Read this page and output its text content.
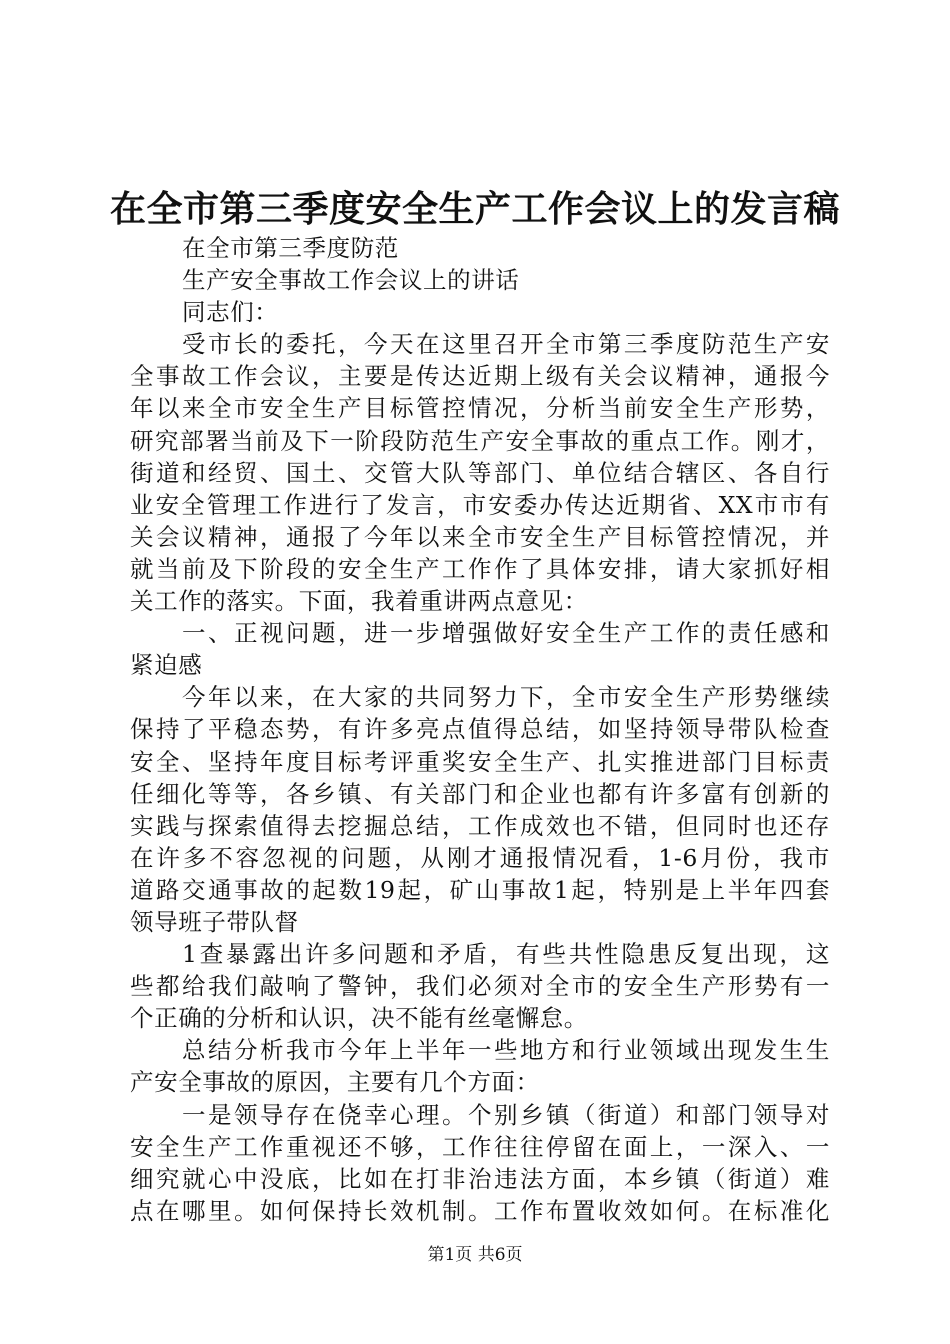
在全市第三季度安全生产工作会议上的发言稿
在全市第三季度防范
生产安全事故工作会议上的讲话
同志们：
受市长的委托，今天在这里召开全市第三季度防范生产安
全事故工作会议，主要是传达近期上级有关会议精神，通报今
年以来全市安全生产目标管控情况，分析当前安全生产形势，
研究部署当前及下一阶段防范生产安全事故的重点工作。刚才，
街道和经贸、国土、交管大队等部门、单位结合辖区、各自行
业安全管理工作进行了发言，市安委办传达近期省、XX市市有
关会议精神，通报了今年以来全市安全生产目标管控情况，并
就当前及下阶段的安全生产工作作了具体安排，请大家抓好相
关工作的落实。下面，我着重讲两点意见：
一、正视问题，进一步增强做好安全生产工作的责任感和
紧迫感
今年以来，在大家的共同努力下，全市安全生产形势继续
保持了平稳态势，有许多亮点值得总结，如坚持领导带队检查
安全、坚持年度目标考评重奖安全生产、扎实推进部门目标责
任细化等等，各乡镇、有关部门和企业也都有许多富有创新的
实践与探索值得去挖掘总结，工作成效也不错，但同时也还存
在许多不容忽视的问题，从刚才通报情况看，1-6月份，我市
道路交通事故的起数19起，矿山事故1起，特别是上半年四套
领导班子带队督
1查暴露出许多问题和矛盾，有些共性隐患反复出现，这
些都给我们敲响了警钟，我们必须对全市的安全生产形势有一
个正确的分析和认识，决不能有丝毫懈怠。
总结分析我市今年上半年一些地方和行业领域出现发生生
产安全事故的原因，主要有几个方面：
一是领导存在侥幸心理。个别乡镇（街道）和部门领导对
安全生产工作重视还不够，工作往往停留在面上，一深入、一
细究就心中没底，比如在打非治违法方面，本乡镇（街道）难
点在哪里。如何保持长效机制。工作布置收效如何。在标准化
第1页 共6页
